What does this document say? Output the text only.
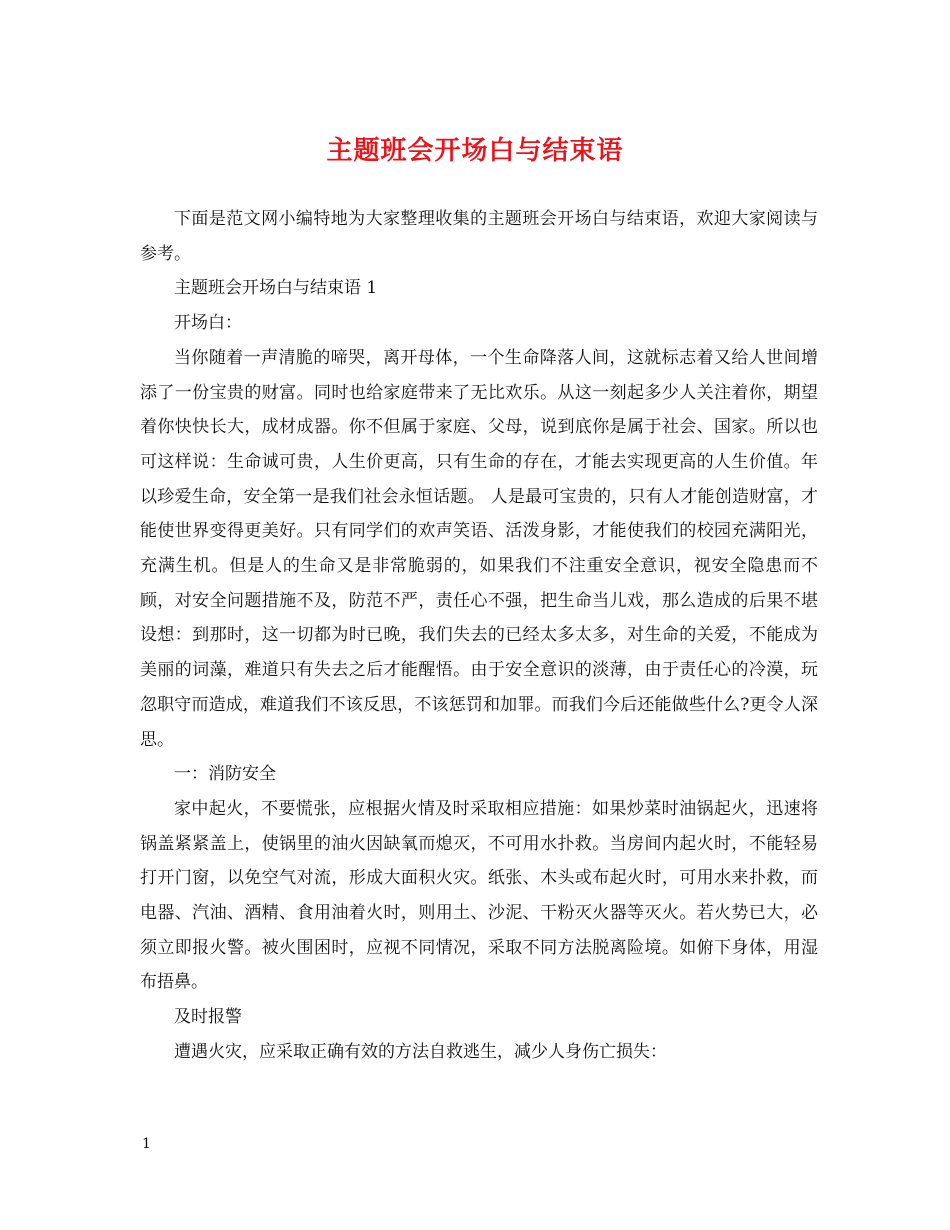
主题班会开场白与结束语

下面是范文网小编特地为大家整理收集的主题班会开场白与结束语，欢迎大家阅读与参考。

主题班会开场白与结束语 1

开场白：

当你随着一声清脆的啼哭，离开母体，一个生命降落人间，这就标志着又给人世间增添了一份宝贵的财富。同时也给家庭带来了无比欢乐。从这一刻起多少人关注着你，期望着你快快长大，成材成器。你不但属于家庭、父母，说到底你是属于社会、国家。所以也可这样说：生命诚可贵，人生价更高，只有生命的存在，才能去实现更高的人生价值。年以珍爱生命，安全第一是我们社会永恒话题。 人是最可宝贵的，只有人才能创造财富，才能使世界变得更美好。只有同学们的欢声笑语、活泼身影，才能使我们的校园充满阳光，充满生机。但是人的生命又是非常脆弱的，如果我们不注重安全意识，视安全隐患而不顾，对安全问题措施不及，防范不严，责任心不强，把生命当儿戏，那么造成的后果不堪设想：到那时，这一切都为时已晚，我们失去的已经太多太多，对生命的关爱，不能成为美丽的词藻，难道只有失去之后才能醒悟。由于安全意识的淡薄，由于责任心的冷漠，玩忽职守而造成，难道我们不该反思，不该惩罚和加罪。而我们今后还能做些什么?更令人深思。

一：消防安全

家中起火，不要慌张，应根据火情及时采取相应措施：如果炒菜时油锅起火，迅速将锅盖紧紧盖上，使锅里的油火因缺氧而熄灭，不可用水扑救。当房间内起火时，不能轻易打开门窗，以免空气对流，形成大面积火灾。纸张、木头或布起火时，可用水来扑救，而电器、汽油、酒精、食用油着火时，则用土、沙泥、干粉灭火器等灭火。若火势已大，必须立即报火警。被火围困时，应视不同情况，采取不同方法脱离险境。如俯下身体，用湿布捂鼻。

及时报警

遭遇火灾，应采取正确有效的方法自救逃生，减少人身伤亡损失：

1
